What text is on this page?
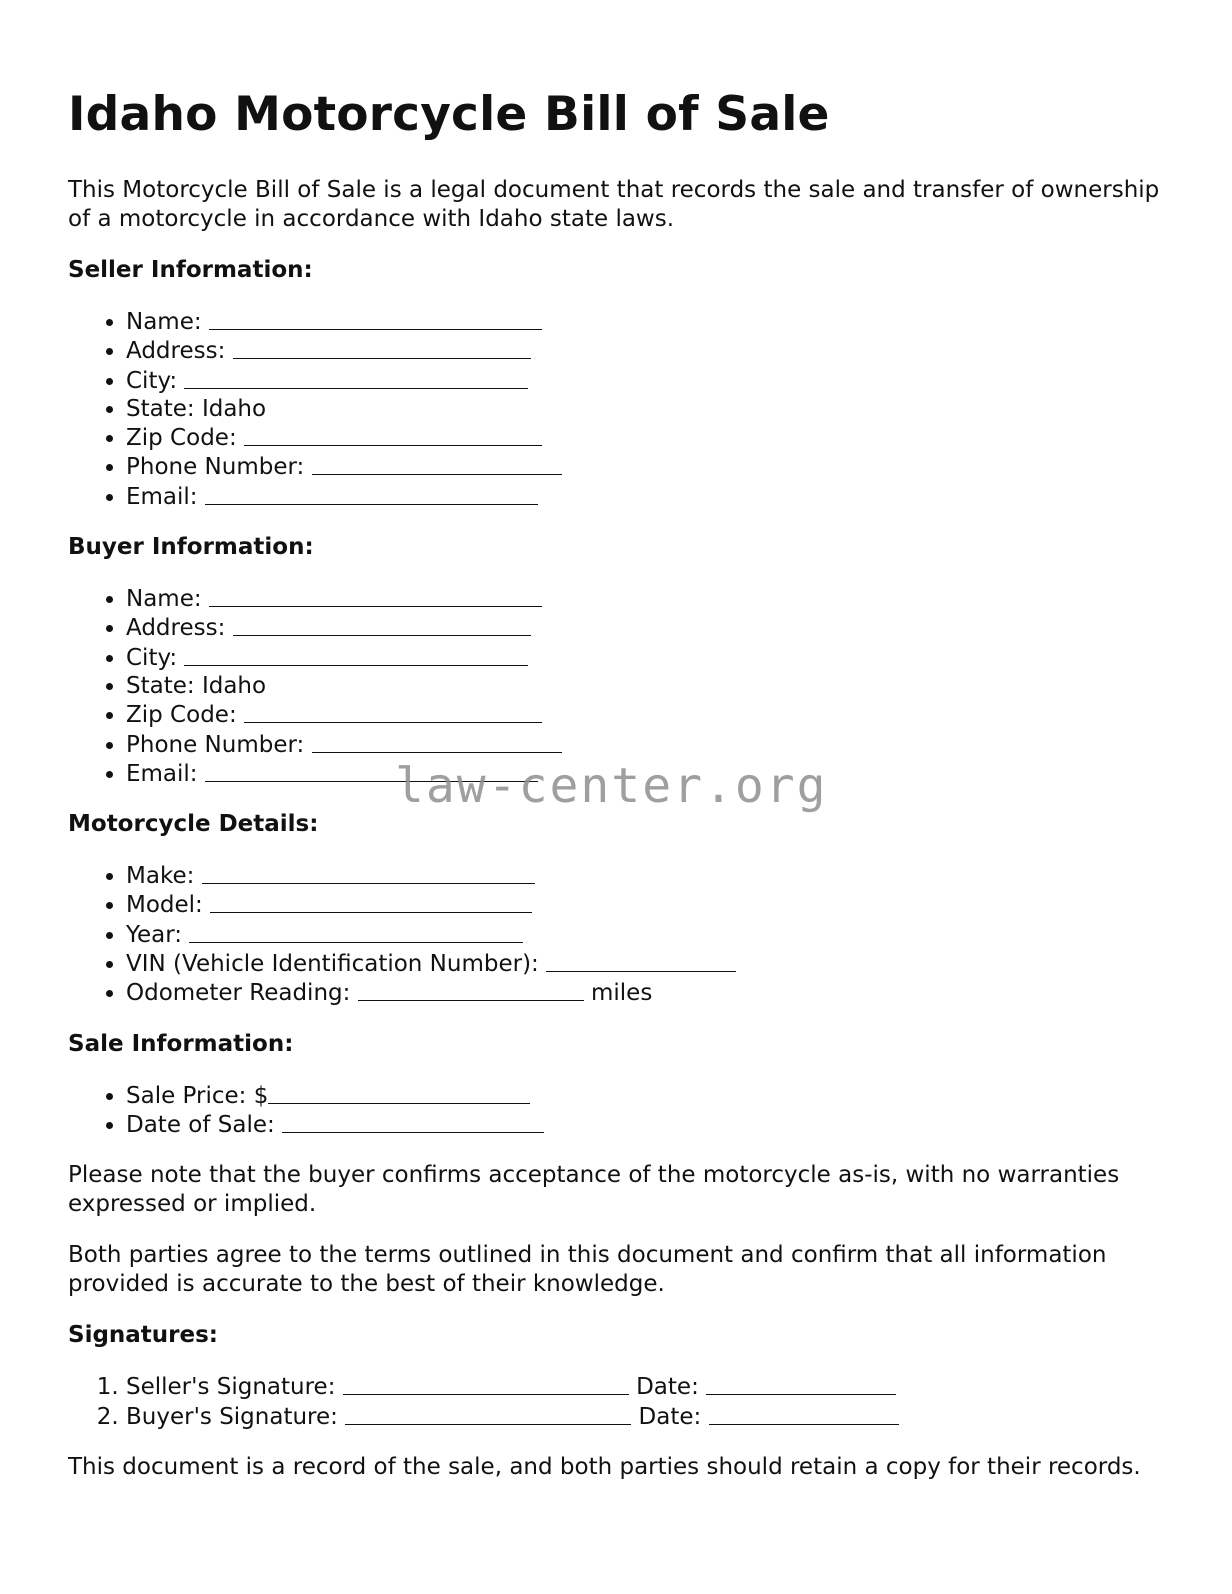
Idaho Motorcycle Bill of Sale

This Motorcycle Bill of Sale is a legal document that records the sale and transfer of ownership of a motorcycle in accordance with Idaho state laws.

Seller Information:
• Name:
• Address:
• City:
• State: Idaho
• Zip Code:
• Phone Number:
• Email:
Buyer Information:
• Name:
• Address:
• City:
• State: Idaho
• Zip Code:
• Phone Number:
• Email:
Motorcycle Details:
• Make:
• Model:
• Year:
• VIN (Vehicle Identification Number):
• Odometer Reading:	miles
Sale Information:
• Sale Price: $
• Date of Sale:

Please note that the buyer confirms acceptance of the motorcycle as-is, with no warranties expressed or implied.

Both parties agree to the terms outlined in this document and confirm that all information provided is accurate to the best of their knowledge.

Signatures:
1. Seller's Signature:	Date:
2. Buyer's Signature:	Date:

This document is a record of the sale, and both parties should retain a copy for their records.

law-center.org
